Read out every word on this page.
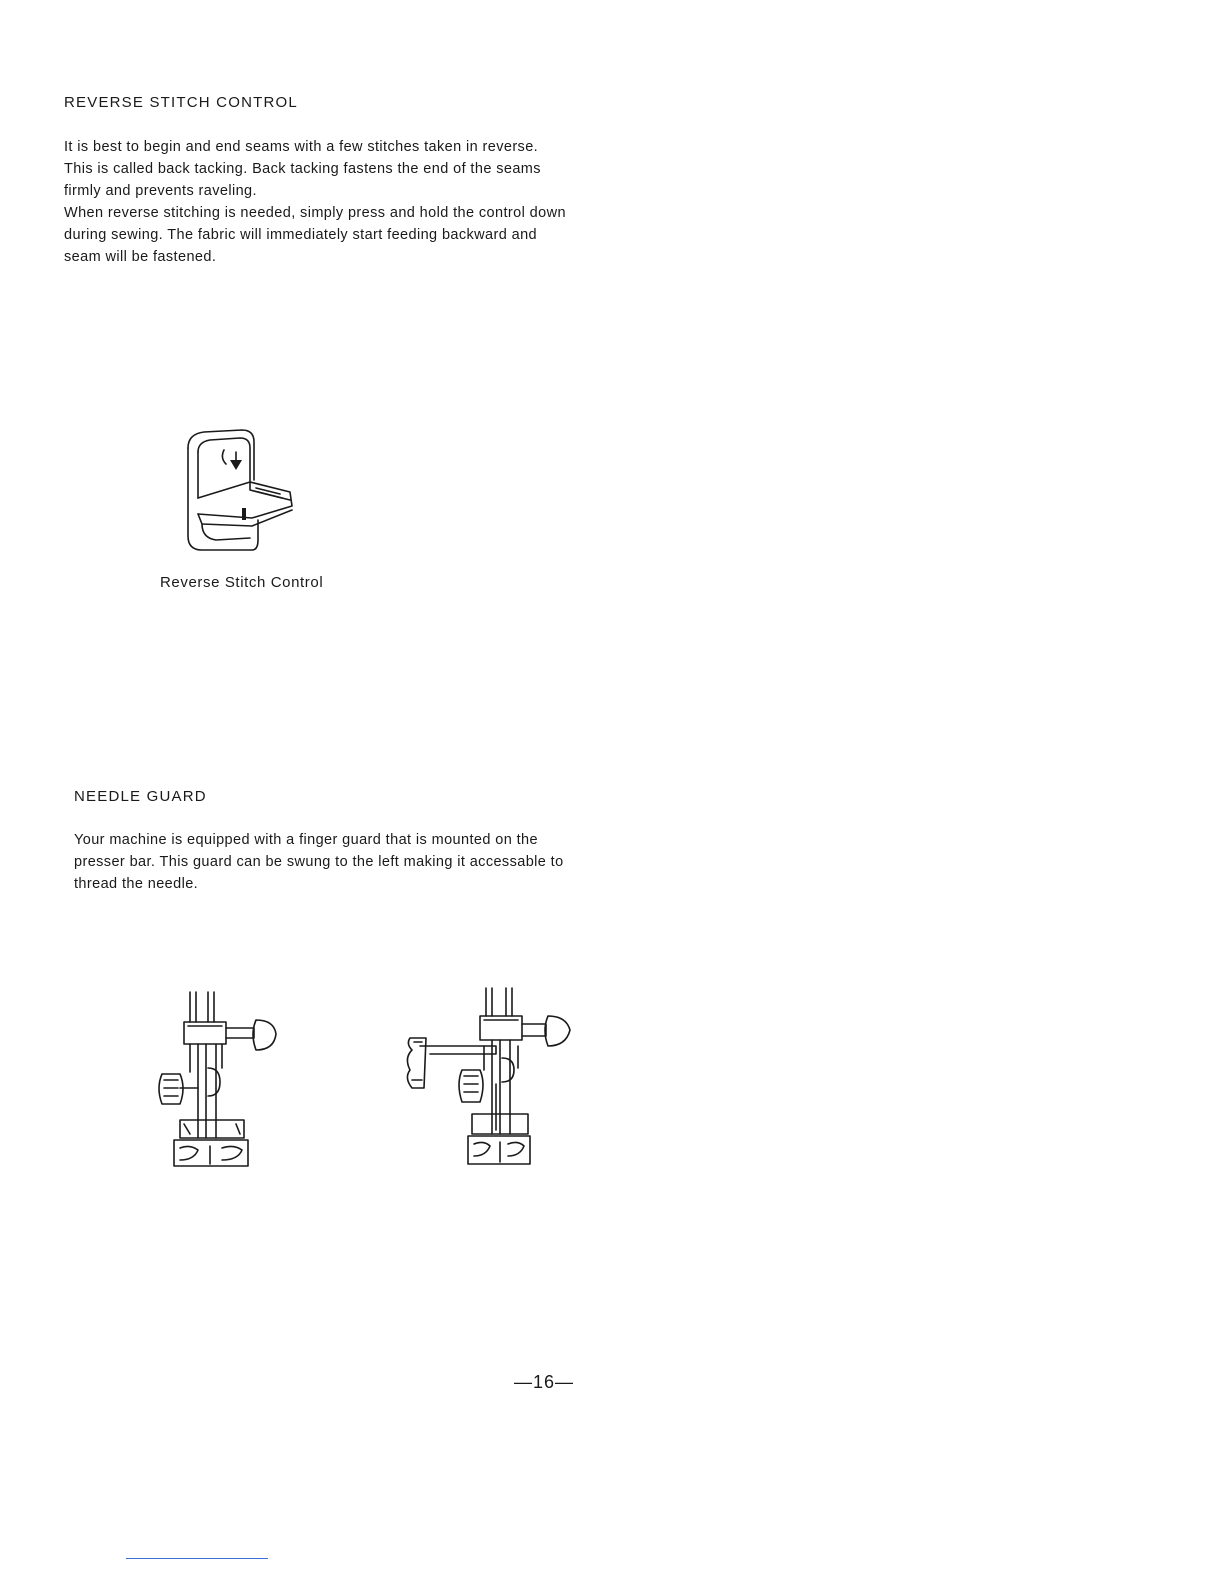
REVERSE STITCH CONTROL

It is best to begin and end seams with a few stitches taken in reverse.

This is called back tacking. Back tacking fastens the end of the seams

firmly and prevents raveling.

When reverse stitching is needed, simply press and hold the control down

during sewing. The fabric will immediately start feeding backward and

seam will be fastened.

Reverse Stitch Control
NEEDLE GUARD

Your machine is equipped with a finger guard that is mounted on the

presser bar. This guard can be swung to the left making it accessable to

thread the needle.

—16—
